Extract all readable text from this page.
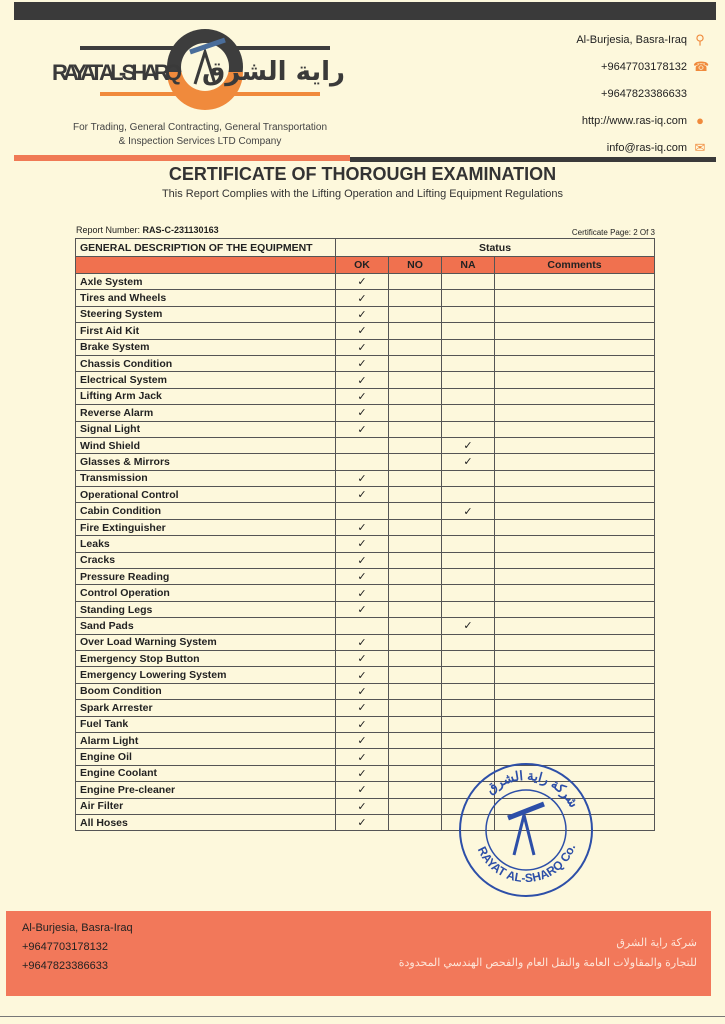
RAYAT AL-SHARQ راية الشرق
For Trading, General Contracting, General Transportation
& Inspection Services LTD Company
Al-Burjesia, Basra-Iraq ⚲
+9647703178132 ☎
+9647823386633
http://www.ras-iq.com ●
info@ras-iq.com ✉
CERTIFICATE OF THOROUGH EXAMINATION
This Report Complies with the Lifting Operation and Lifting Equipment Regulations
Report Number: RAS-C-231130163	Certificate Page: 2 Of 3
GENERAL DESCRIPTION OF THE EQUIPMENT	Status			
	OK	NO	NA	Comments
Axle System	✓			
Tires and Wheels	✓			
Steering System	✓			
First Aid Kit	✓			
Brake System	✓			
Chassis Condition	✓			
Electrical System	✓			
Lifting Arm Jack	✓			
Reverse Alarm	✓			
Signal Light	✓			
Wind Shield			✓	
Glasses & Mirrors			✓	
Transmission	✓			
Operational Control	✓			
Cabin Condition			✓	
Fire Extinguisher	✓			
Leaks	✓			
Cracks	✓			
Pressure Reading	✓			
Control Operation	✓			
Standing Legs	✓			
Sand Pads			✓	
Over Load Warning System	✓			
Emergency Stop Button	✓			
Emergency Lowering System	✓			
Boom Condition	✓			
Spark Arrester	✓			
Fuel Tank	✓			
Alarm Light	✓			
Engine Oil	✓			
Engine Coolant	✓			
Engine Pre-cleaner	✓			
Air Filter	✓			
All Hoses	✓			
شركة راية الشرق
RAYAT AL-SHARQ Co.
Al-Burjesia, Basra-Iraq
+9647703178132
+9647823386633
شركة راية الشرق
للتجارة والمقاولات العامة والنقل العام والفحص الهندسي المحدودة
